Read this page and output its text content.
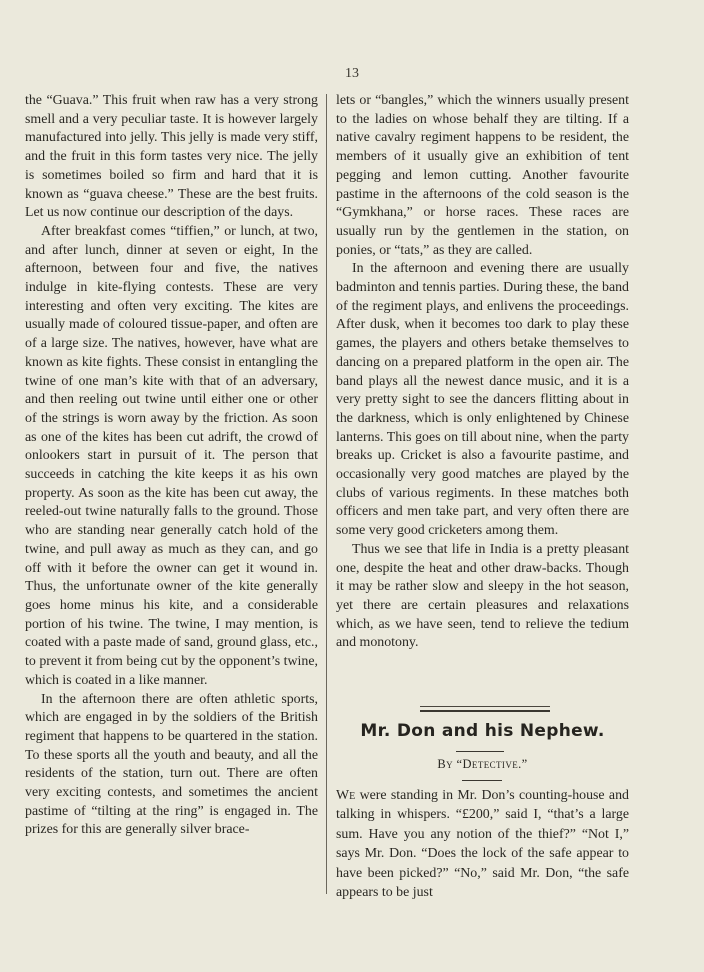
13

the “Guava.” This fruit when raw has a very strong smell and a very peculiar taste. It is however largely manufactured into jelly. This jelly is made very stiff, and the fruit in this form tastes very nice. The jelly is sometimes boiled so firm and hard that it is known as “guava cheese.” These are the best fruits. Let us now continue our description of the days.

After breakfast comes “tiffien,” or lunch, at two, and after lunch, dinner at seven or eight, In the afternoon, between four and five, the natives indulge in kite-flying contests. These are very interesting and often very exciting. The kites are usually made of coloured tissue-paper, and often are of a large size. The natives, however, have what are known as kite fights. These consist in entangling the twine of one man’s kite with that of an adversary, and then reeling out twine until either one or other of the strings is worn away by the friction. As soon as one of the kites has been cut adrift, the crowd of onlookers start in pursuit of it. The person that succeeds in catching the kite keeps it as his own property. As soon as the kite has been cut away, the reeled-out twine naturally falls to the ground. Those who are standing near generally catch hold of the twine, and pull away as much as they can, and go off with it before the owner can get it wound in. Thus, the unfortunate owner of the kite generally goes home minus his kite, and a considerable portion of his twine. The twine, I may mention, is coated with a paste made of sand, ground glass, etc., to prevent it from being cut by the opponent’s twine, which is coated in a like manner.

In the afternoon there are often athletic sports, which are engaged in by the soldiers of the British regiment that happens to be quartered in the station. To these sports all the youth and beauty, and all the residents of the station, turn out. There are often very exciting contests, and sometimes the ancient pastime of “tilting at the ring” is engaged in. The prizes for this are generally silver brace-

lets or “bangles,” which the winners usually present to the ladies on whose behalf they are tilting. If a native cavalry regiment happens to be resident, the members of it usually give an exhibition of tent pegging and lemon cutting. Another favourite pastime in the afternoons of the cold season is the “Gymkhana,” or horse races. These races are usually run by the gentlemen in the station, on ponies, or “tats,” as they are called.

In the afternoon and evening there are usually badminton and tennis parties. During these, the band of the regiment plays, and enlivens the proceedings. After dusk, when it becomes too dark to play these games, the players and others betake themselves to dancing on a prepared platform in the open air. The band plays all the newest dance music, and it is a very pretty sight to see the dancers flitting about in the darkness, which is only enlightened by Chinese lanterns. This goes on till about nine, when the party breaks up. Cricket is also a favourite pastime, and occasionally very good matches are played by the clubs of various regiments. In these matches both officers and men take part, and very often there are some very good cricketers among them.

Thus we see that life in India is a pretty pleasant one, despite the heat and other draw-backs. Though it may be rather slow and sleepy in the hot season, yet there are certain pleasures and relaxations which, as we have seen, tend to relieve the tedium and monotony.

Mr. Don and his Nephew.
By “Detective.”

We were standing in Mr. Don’s counting-house and talking in whispers. “£200,” said I, “that’s a large sum. Have you any notion of the thief?” “Not I,” says Mr. Don. “Does the lock of the safe appear to have been picked?” “No,” said Mr. Don, “the safe appears to be just
